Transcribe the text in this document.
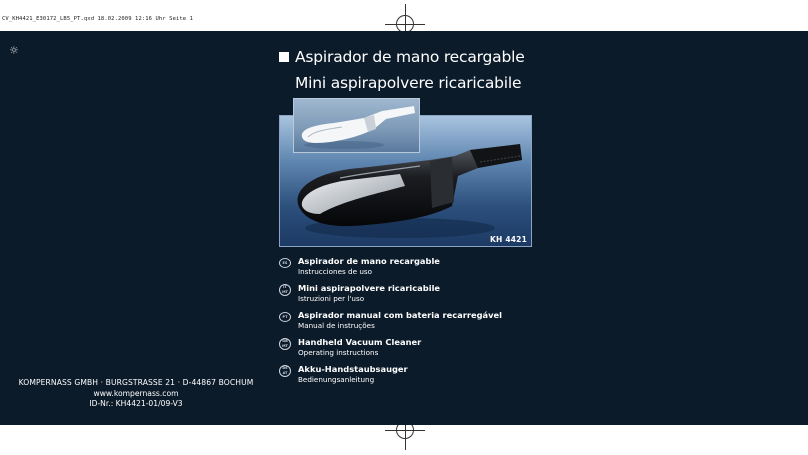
CV_KH4421_E30172_LB5_PT.qxd 18.02.2009 12:16 Uhr Seite 1
☼	Aspirador de mano recargable
Mini aspirapolvere ricaricabile
KH 4421
ES	Aspirador de mano recargable
Instrucciones de uso
IT MT	Mini aspirapolvere ricaricabile
Istruzioni per l'uso
PT	Aspirador manual com bateria recarregável
Manual de instruções
GB MT	Handheld Vacuum Cleaner
Operating instructions
DE AT	Akku-Handstaubsauger
Bedienungsanleitung
KOMPERNASS GMBH · BURGSTRASSE 21 · D-44867 BOCHUM
www.kompernass.com
ID-Nr.: KH4421-01/09-V3
